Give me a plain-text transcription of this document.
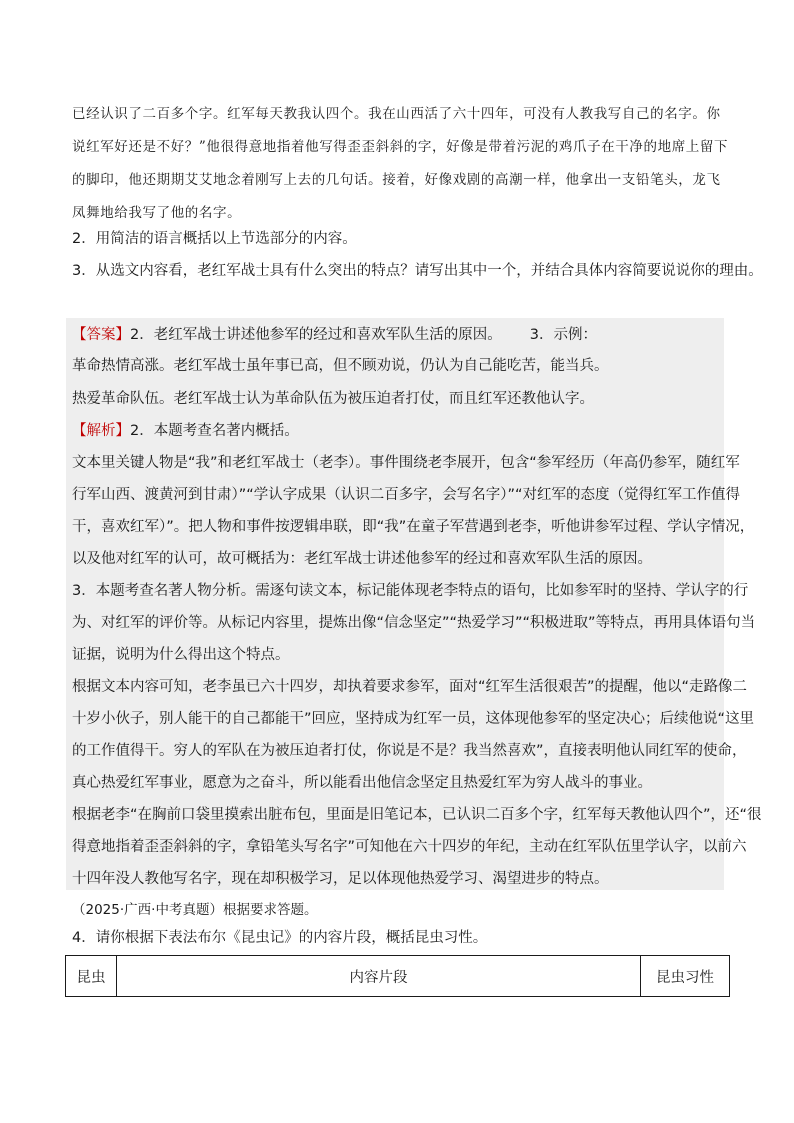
已经认识了二百多个字。红军每天教我认四个。我在山西活了六十四年，可没有人教我写自己的名字。你

说红军好还是不好？”他很得意地指着他写得歪歪斜斜的字，好像是带着污泥的鸡爪子在干净的地席上留下

的脚印，他还期期艾艾地念着刚写上去的几句话。接着，好像戏剧的高潮一样，他拿出一支铅笔头，龙飞

凤舞地给我写了他的名字。

2．用简洁的语言概括以上节选部分的内容。
3．从选文内容看，老红军战士具有什么突出的特点？请写出其中一个，并结合具体内容简要说说你的理由。
【答案】2．老红军战士讲述他参军的经过和喜欢军队生活的原因。 3．示例：
革命热情高涨。老红军战士虽年事已高，但不顾劝说，仍认为自己能吃苦，能当兵。
热爱革命队伍。老红军战士认为革命队伍为被压迫者打仗，而且红军还教他认字。
【解析】2．本题考查名著内概括。
文本里关键人物是“我”和老红军战士（老李）。事件围绕老李展开，包含“参军经历（年高仍参军，随红军
行军山西、渡黄河到甘肃）”“学认字成果（认识二百多字，会写名字）”“对红军的态度（觉得红军工作值得
干，喜欢红军）”。把人物和事件按逻辑串联，即“我”在童子军营遇到老李，听他讲参军过程、学认字情况，
以及他对红军的认可，故可概括为：老红军战士讲述他参军的经过和喜欢军队生活的原因。
3．本题考查名著人物分析。需逐句读文本，标记能体现老李特点的语句，比如参军时的坚持、学认字的行
为、对红军的评价等。从标记内容里，提炼出像“信念坚定”“热爱学习”“积极进取”等特点，再用具体语句当
证据，说明为什么得出这个特点。
根据文本内容可知，老李虽已六十四岁，却执着要求参军，面对“红军生活很艰苦”的提醒，他以“走路像二
十岁小伙子，别人能干的自己都能干”回应，坚持成为红军一员，这体现他参军的坚定决心；后续他说“这里
的工作值得干。穷人的军队在为被压迫者打仗，你说是不是？我当然喜欢”，直接表明他认同红军的使命，
真心热爱红军事业，愿意为之奋斗，所以能看出他信念坚定且热爱红军为穷人战斗的事业。
根据老李“在胸前口袋里摸索出脏布包，里面是旧笔记本，已认识二百多个字，红军每天教他认四个”，还“很
得意地指着歪歪斜斜的字，拿铅笔头写名字”可知他在六十四岁的年纪，主动在红军队伍里学认字，以前六
十四年没人教他写名字，现在却积极学习，足以体现他热爱学习、渴望进步的特点。
（2025·广西·中考真题）根据要求答题。
4．请你根据下表法布尔《昆虫记》的内容片段，概括昆虫习性。
昆虫	内容片段	昆虫习性
